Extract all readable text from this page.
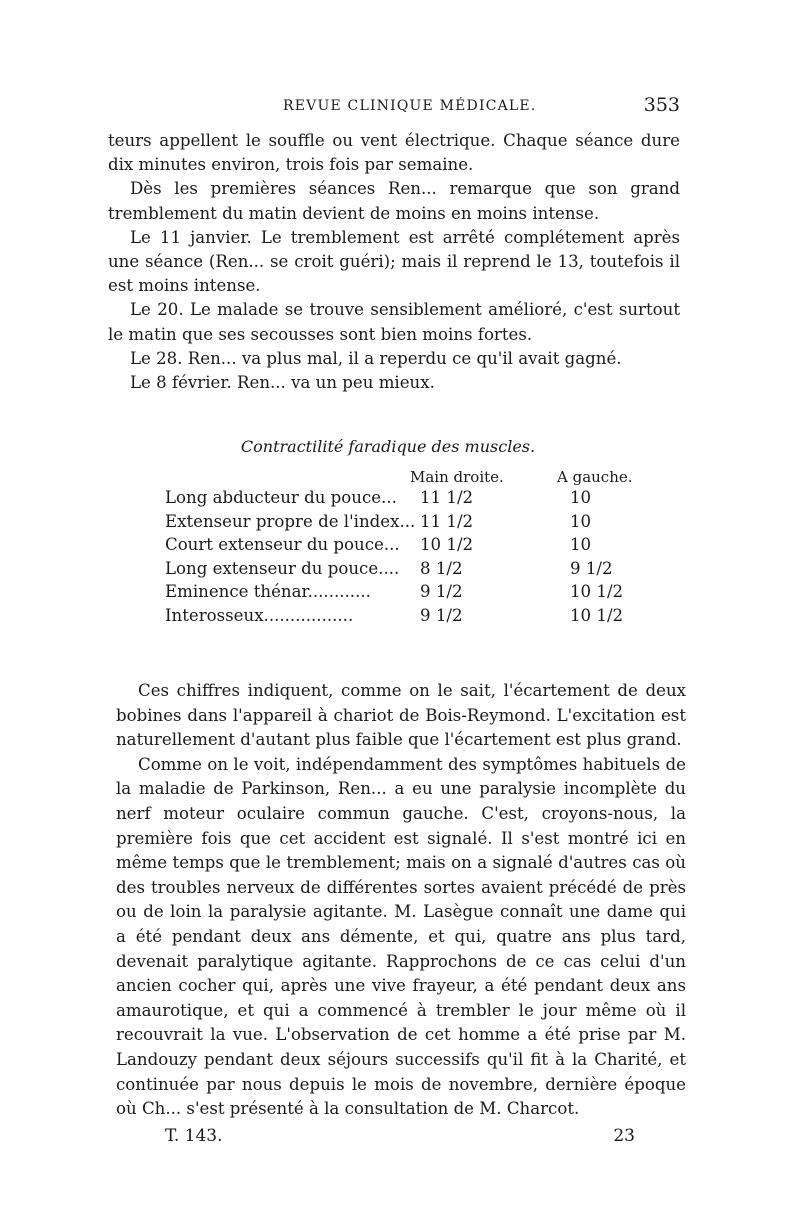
REVUE CLINIQUE MÉDICALE.	353

teurs appellent le souffle ou vent électrique. Chaque séance dure dix minutes environ, trois fois par semaine.

Dès les premières séances Ren... remarque que son grand tremblement du matin devient de moins en moins intense.

Le 11 janvier. Le tremblement est arrêté complétement après une séance (Ren... se croit guéri); mais il reprend le 13, toutefois il est moins intense.

Le 20. Le malade se trouve sensiblement amélioré, c'est surtout le matin que ses secousses sont bien moins fortes.

Le 28. Ren... va plus mal, il a reperdu ce qu'il avait gagné.

Le 8 février. Ren... va un peu mieux.

Contractilité faradique des muscles.
Main droite.	A gauche.
Long abducteur du pouce... 11 1/2	10
Extenseur propre de l'index... 11 1/2	10
Court extenseur du pouce... 10 1/2	10
Long extenseur du pouce.... 8 1/2	9 1/2
Eminence thénar............	9 1/2	10 1/2
Interosseux.................	9 1/2	10 1/2

Ces chiffres indiquent, comme on le sait, l'écartement de deux bobines dans l'appareil à chariot de Bois-Reymond. L'excitation est naturellement d'autant plus faible que l'écartement est plus grand.

Comme on le voit, indépendamment des symptômes habituels de la maladie de Parkinson, Ren... a eu une paralysie incomplète du nerf moteur oculaire commun gauche. C'est, croyons-nous, la première fois que cet accident est signalé. Il s'est montré ici en même temps que le tremblement; mais on a signalé d'autres cas où des troubles nerveux de différentes sortes avaient précédé de près ou de loin la paralysie agitante. M. Lasègue connaît une dame qui a été pendant deux ans démente, et qui, quatre ans plus tard, devenait paralytique agitante. Rapprochons de ce cas celui d'un ancien cocher qui, après une vive frayeur, a été pendant deux ans amaurotique, et qui a commencé à trembler le jour même où il recouvrait la vue. L'observation de cet homme a été prise par M. Landouzy pendant deux séjours successifs qu'il fit à la Charité, et continuée par nous depuis le mois de novembre, dernière époque où Ch... s'est présenté à la consultation de M. Charcot.

T. 143.	23
